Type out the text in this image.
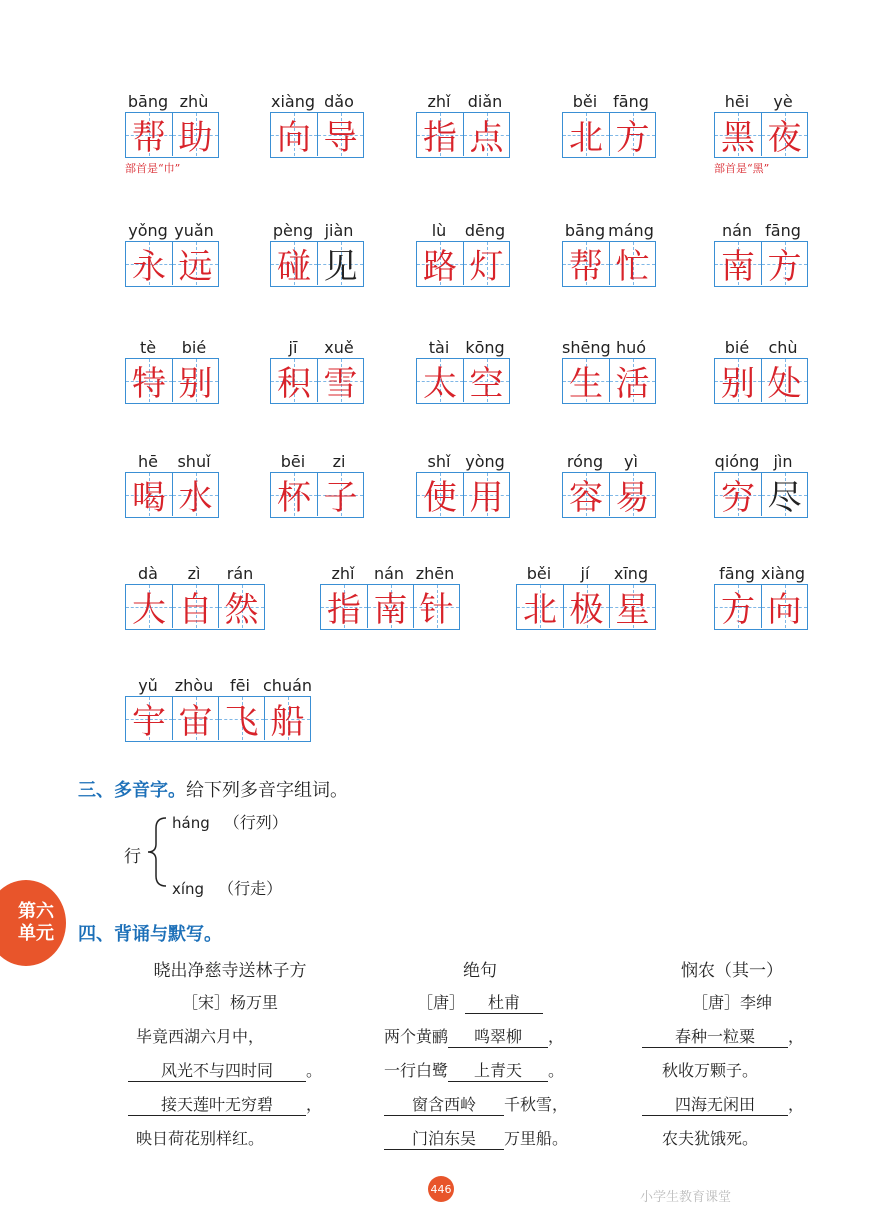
bāng zhù
帮 助
部首是“巾”
xiàng dǎo
向 导
zhǐ	diǎn
指 点
běi fāng
北 方
hēi	yè
黑 夜
部首是“黑”
yǒng yuǎn
永 远
pèng jiàn
碰 见
lù	dēng
路 灯
bāng máng
帮 忙
nán fāng
南 方
tè	bié
特 别
jī	xuě
积 雪
tài	kōng
太 空
shēng huó
生 活
bié	chù
别 处
hē	shuǐ
喝 水
bēi	zi
杯 子
shǐ yòng
使 用
róng	yì
容 易
qióng jìn
穷 尽
dà	zì	rán
大 自 然
zhǐ	nán zhēn
指 南 针
běi	jí	xīng
北 极 星
fāng xiàng
方 向
yǔ	zhòu	fēi chuán
宇 宙 飞 船
三、多音字。给下列多音字组词。
行
háng （行列）
xíng （行走）
第六
单元 四、背诵与默写。
晓出净慈寺送林子方
［宋］杨万里
毕竟西湖六月中，
风光不与四时同 。
接天莲叶无穷碧 ，
映日荷花别样红。
绝句
［唐］ 杜甫
两个黄鹂 鸣翠柳 ，
一行白鹭 上青天 。
窗含西岭 千秋雪，
门泊东吴 万里船。
悯农（其一）
［唐］李绅
春种一粒粟 ，
秋收万颗子。
四海无闲田 ，
农夫犹饿死。
446
小学生教育课堂
